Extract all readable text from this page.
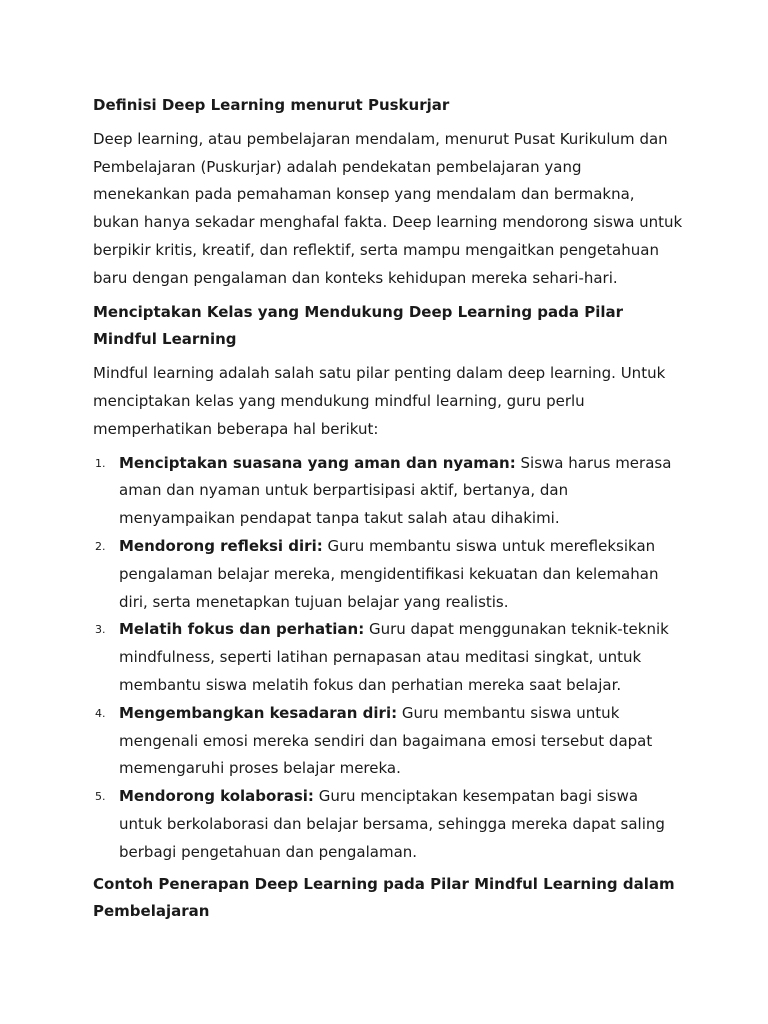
Definisi Deep Learning menurut Puskurjar

Deep learning, atau pembelajaran mendalam, menurut Pusat Kurikulum dan Pembelajaran (Puskurjar) adalah pendekatan pembelajaran yang menekankan pada pemahaman konsep yang mendalam dan bermakna, bukan hanya sekadar menghafal fakta. Deep learning mendorong siswa untuk berpikir kritis, kreatif, dan reflektif, serta mampu mengaitkan pengetahuan baru dengan pengalaman dan konteks kehidupan mereka sehari-hari.

Menciptakan Kelas yang Mendukung Deep Learning pada Pilar Mindful Learning

Mindful learning adalah salah satu pilar penting dalam deep learning. Untuk menciptakan kelas yang mendukung mindful learning, guru perlu memperhatikan beberapa hal berikut:

1. Menciptakan suasana yang aman dan nyaman: Siswa harus merasa aman dan nyaman untuk berpartisipasi aktif, bertanya, dan menyampaikan pendapat tanpa takut salah atau dihakimi.
2. Mendorong refleksi diri: Guru membantu siswa untuk merefleksikan pengalaman belajar mereka, mengidentifikasi kekuatan dan kelemahan diri, serta menetapkan tujuan belajar yang realistis.
3. Melatih fokus dan perhatian: Guru dapat menggunakan teknik-teknik mindfulness, seperti latihan pernapasan atau meditasi singkat, untuk membantu siswa melatih fokus dan perhatian mereka saat belajar.
4. Mengembangkan kesadaran diri: Guru membantu siswa untuk mengenali emosi mereka sendiri dan bagaimana emosi tersebut dapat memengaruhi proses belajar mereka.
5. Mendorong kolaborasi: Guru menciptakan kesempatan bagi siswa untuk berkolaborasi dan belajar bersama, sehingga mereka dapat saling berbagi pengetahuan dan pengalaman.
Contoh Penerapan Deep Learning pada Pilar Mindful Learning dalam Pembelajaran
